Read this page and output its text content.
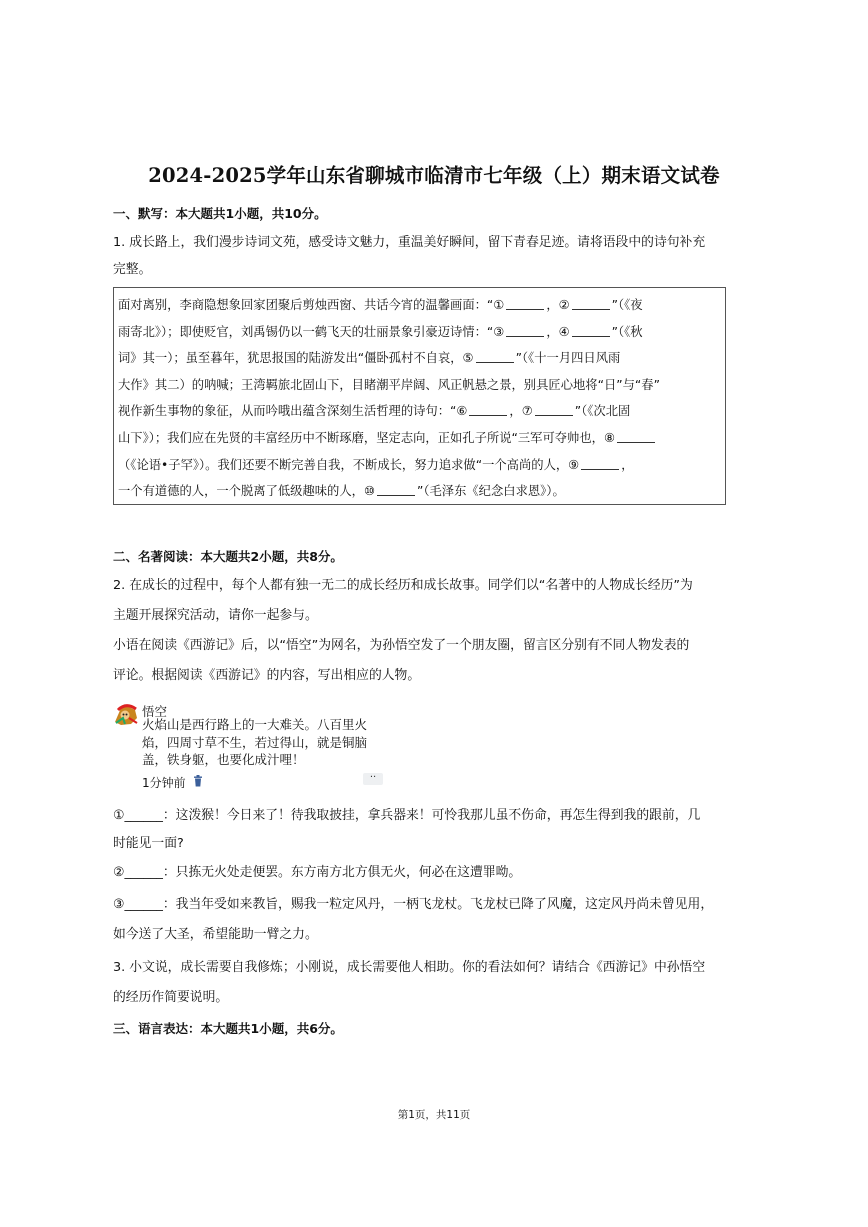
2024-2025学年山东省聊城市临清市七年级（上）期末语文试卷
一、默写：本大题共1小题，共10分。
1. 成长路上，我们漫步诗词文苑，感受诗文魅力，重温美好瞬间，留下青春足迹。请将语段中的诗句补充
完整。
面对离别，李商隐想象回家团聚后剪烛西窗、共话今宵的温馨画面：“①	，②	”（《夜
雨寄北》）；即使贬官，刘禹锡仍以一鹤飞天的壮丽景象引豪迈诗情：“③	，④	”（《秋
词》其一）；虽至暮年，犹思报国的陆游发出“僵卧孤村不自哀，⑤	”（《十一月四日风雨
大作》其二）的呐喊；王湾羁旅北固山下，目睹潮平岸阔、风正帆悬之景，别具匠心地将“日”与“春”
视作新生事物的象征，从而吟哦出蕴含深刻生活哲理的诗句：“⑥	，⑦	”（《次北固
山下》）；我们应在先贤的丰富经历中不断琢磨，坚定志向，正如孔子所说“三军可夺帅也，⑧
（《论语•子罕》）。我们还要不断完善自我，不断成长，努力追求做“一个高尚的人，⑨	，
一个有道德的人，一个脱离了低级趣味的人，⑩	”（毛泽东《纪念白求恩》）。
二、名著阅读：本大题共2小题，共8分。
2. 在成长的过程中，每个人都有独一无二的成长经历和成长故事。同学们以“名著中的人物成长经历”为
主题开展探究活动，请你一起参与。
小语在阅读《西游记》后，以“悟空”为网名，为孙悟空发了一个朋友圈，留言区分别有不同人物发表的
评论。根据阅读《西游记》的内容，写出相应的人物。
悟空
火焰山是西行路上的一大难关。八百里火
焰，四周寸草不生，若过得山，就是铜脑
盖，铁身躯，也要化成汁哩！
1分钟前	··
①______：这泼猴！今日来了！待我取披挂，拿兵器来！可怜我那儿虽不伤命，再怎生得到我的跟前，几
时能见一面?
②______：只拣无火处走便罢。东方南方北方俱无火，何必在这遭罪呦。
③______：我当年受如来教旨，赐我一粒定风丹，一柄飞龙杖。飞龙杖已降了风魔，这定风丹尚未曾见用，
如今送了大圣，希望能助一臂之力。
3. 小文说，成长需要自我修炼；小刚说，成长需要他人相助。你的看法如何？请结合《西游记》中孙悟空
的经历作简要说明。
三、语言表达：本大题共1小题，共6分。
第1页，共11页
